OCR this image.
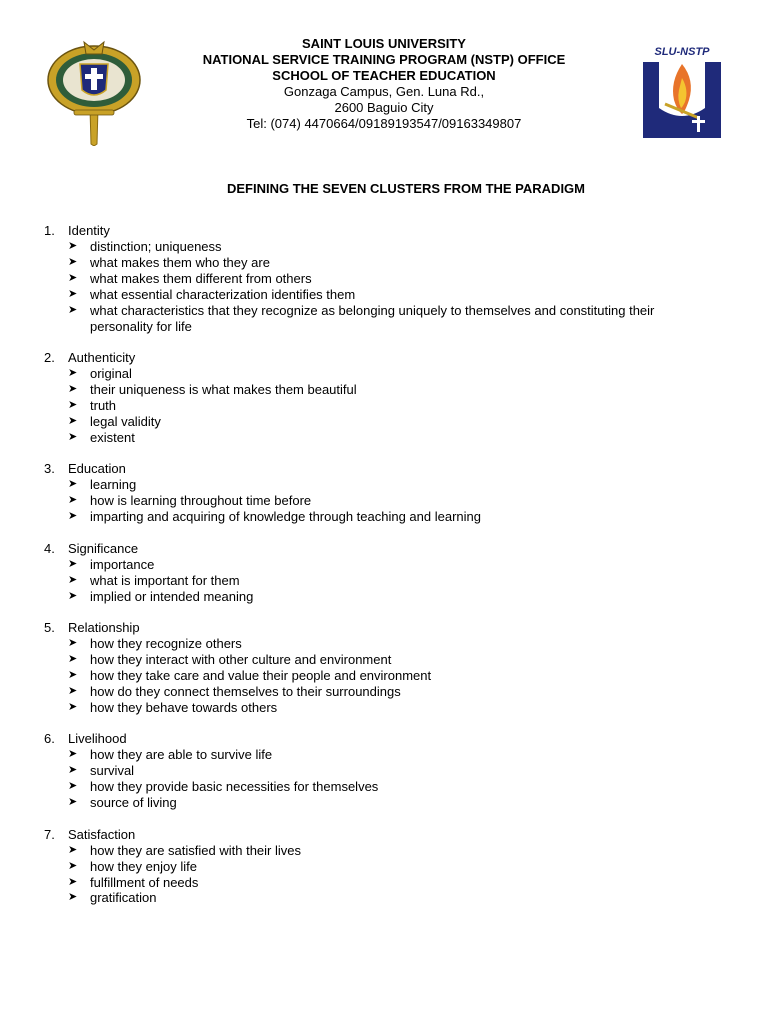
SLU-NSTP
SAINT LOUIS UNIVERSITY
NATIONAL SERVICE TRAINING PROGRAM (NSTP) OFFICE
SCHOOL OF TEACHER EDUCATION
Gonzaga Campus, Gen. Luna Rd.,
2600 Baguio City
Tel: (074) 4470664/09189193547/09163349807
DEFINING THE SEVEN CLUSTERS FROM THE PARADIGM
1.	Identity
➤ distinction; uniqueness
➤ what makes them who they are
➤ what makes them different from others
➤ what essential characterization identifies them
➤ what characteristics that they recognize as belonging uniquely to themselves and constituting their personality for life
2.	Authenticity
➤ original
➤ their uniqueness is what makes them beautiful
➤ truth
➤ legal validity
➤ existent
3.	Education
➤ learning
➤ how is learning throughout time before
➤ imparting and acquiring of knowledge through teaching and learning
4.	Significance
➤ importance
➤ what is important for them
➤ implied or intended meaning
5.	Relationship
➤ how they recognize others
➤ how they interact with other culture and environment
➤ how they take care and value their people and environment
➤ how do they connect themselves to their surroundings
➤ how they behave towards others
6.	Livelihood
➤ how they are able to survive life
➤ survival
➤ how they provide basic necessities for themselves
➤ source of living
7.	Satisfaction
➤ how they are satisfied with their lives
➤ how they enjoy life
➤ fulfillment of needs
➤ gratification
